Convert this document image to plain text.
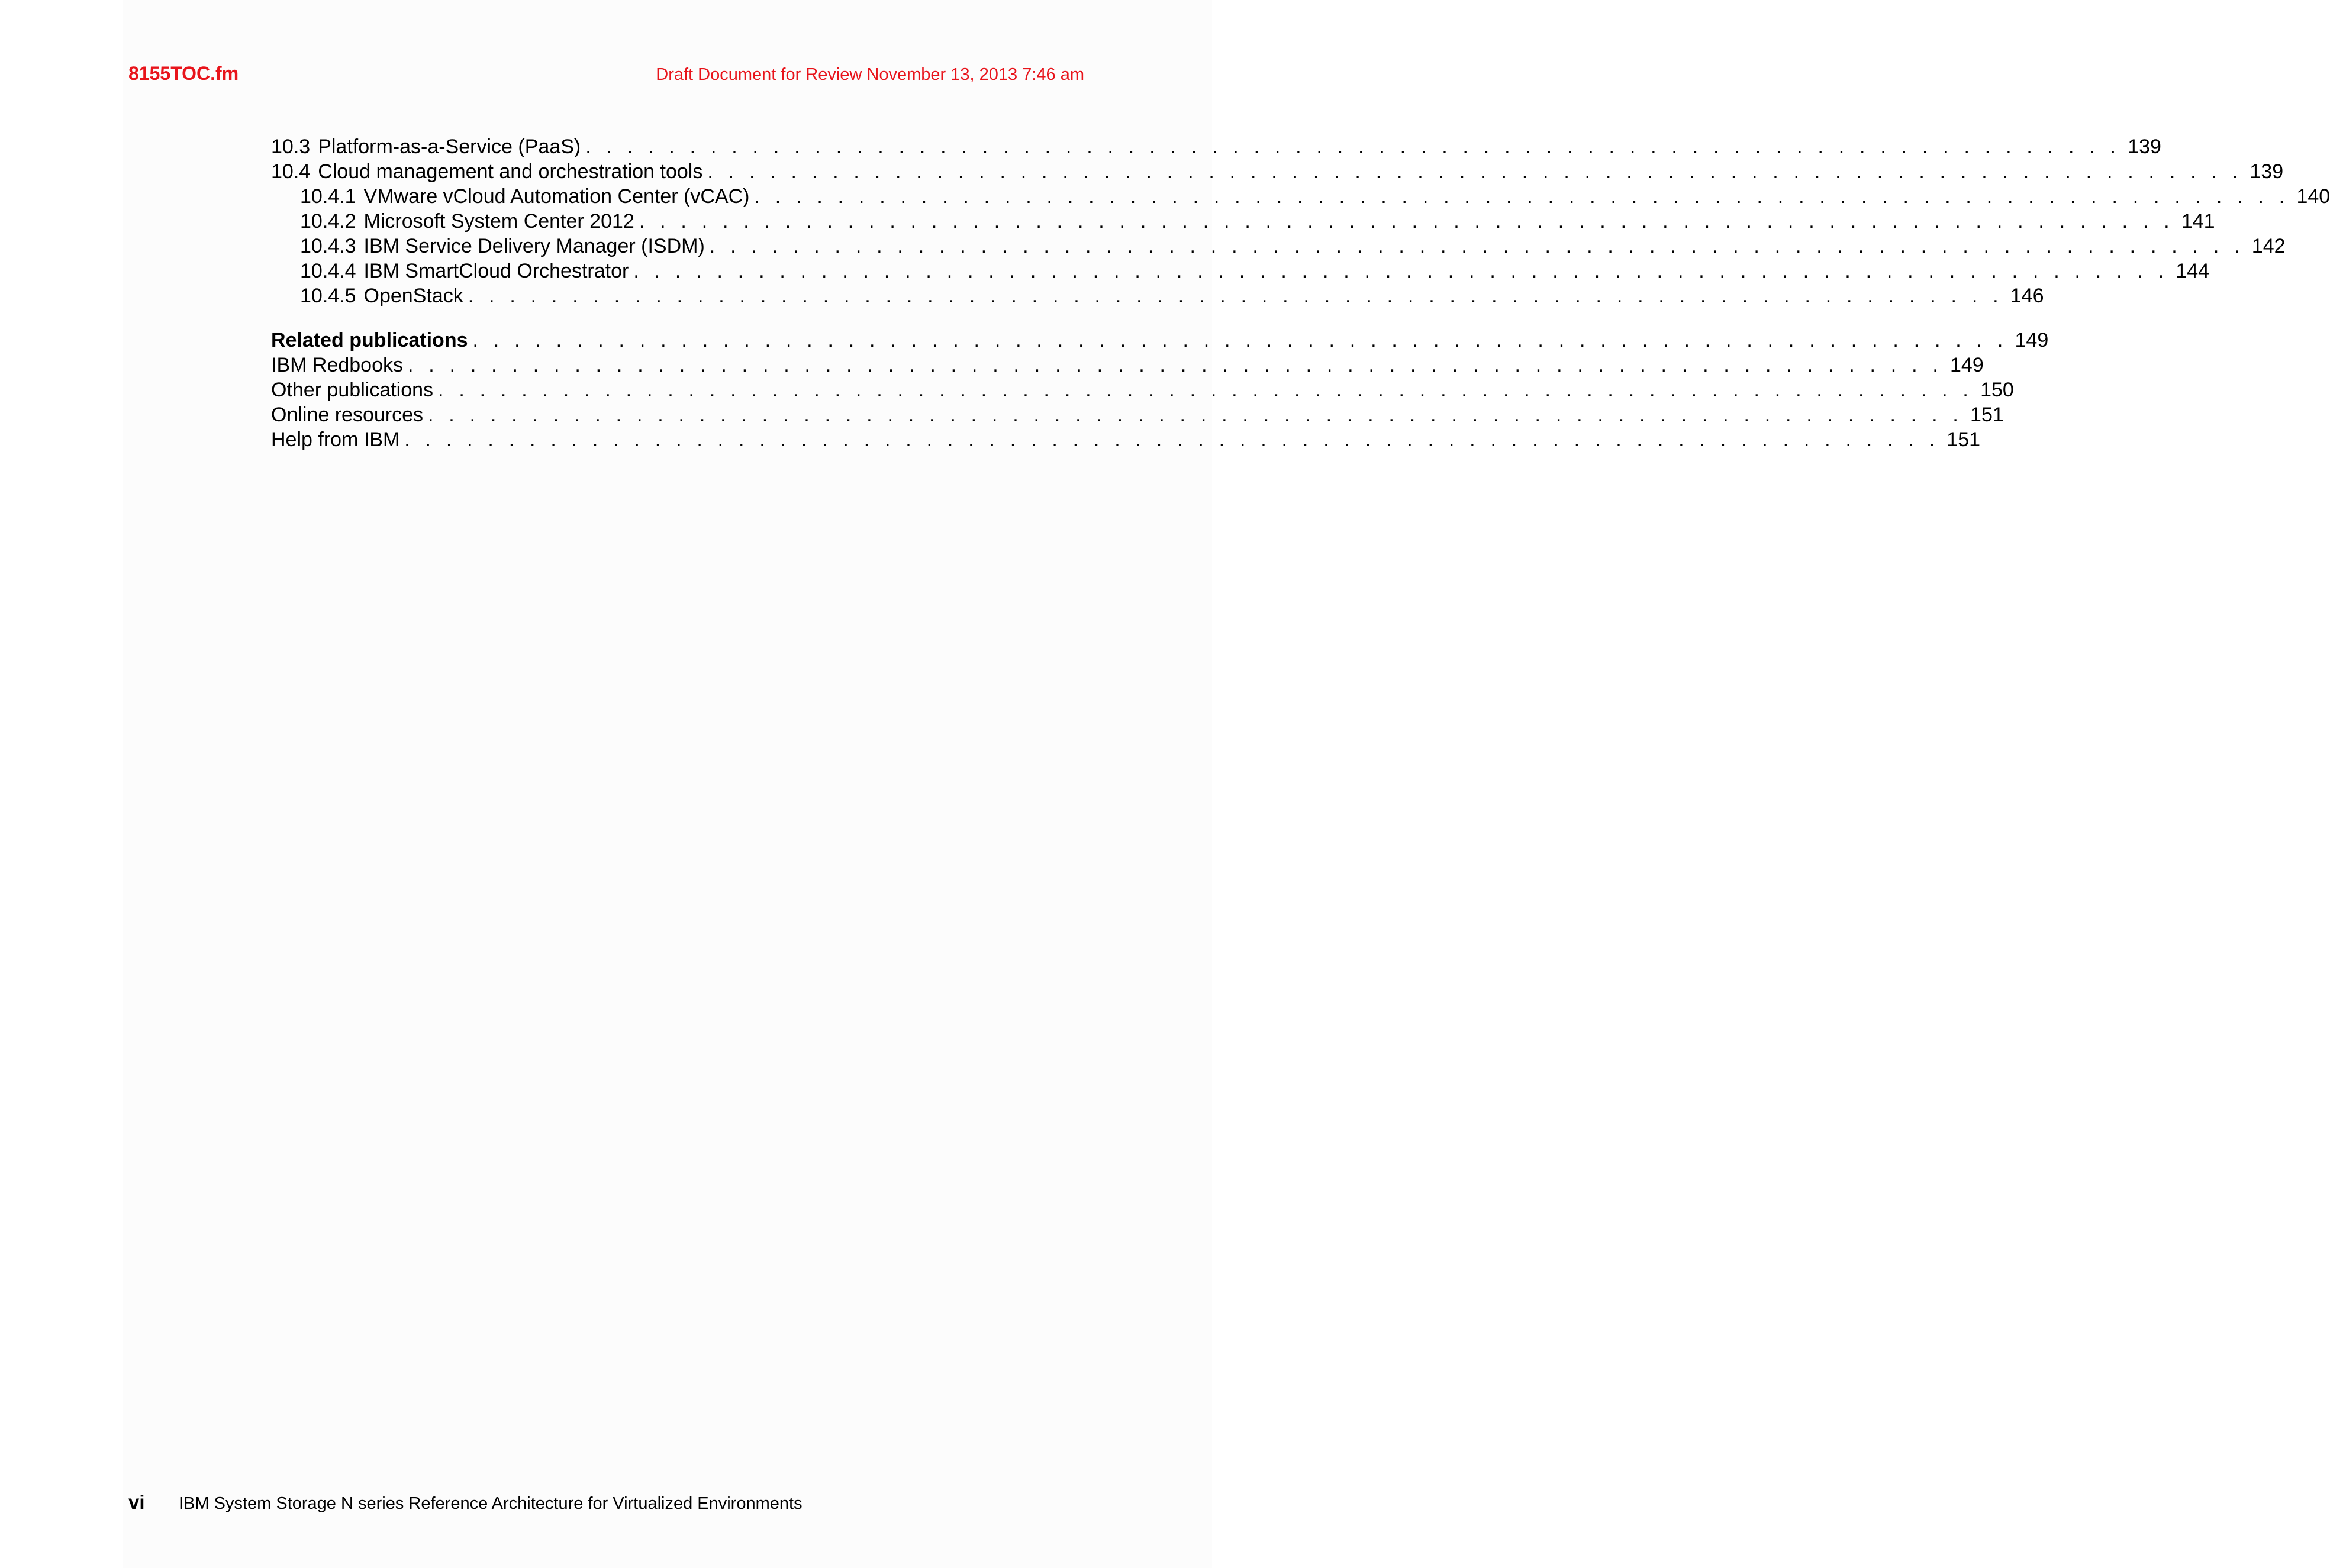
8155TOC.fm	Draft Document for Review November 13, 2013 7:46 am
10.3 Platform-as-a-Service (PaaS) . . . . . . . . . . . . . . . . . . . . . . . . . . . . . . . . . . . . . . . . . . . . . . . . . . . . . . . . . . . . . . . . . . . . . . . . . . 139
10.4 Cloud management and orchestration tools . . . . . . . . . . . . . . . . . . . . . . . . . . . . . . . . . . . . . . . . . . . . . . . . . . . . . . . . . . . . . . . . . . . . . . . . . . 139
10.4.1 VMware vCloud Automation Center (vCAC) . . . . . . . . . . . . . . . . . . . . . . . . . . . . . . . . . . . . . . . . . . . . . . . . . . . . . . . . . . . . . . . . . . . . . . . . . . 140
10.4.2 Microsoft System Center 2012 . . . . . . . . . . . . . . . . . . . . . . . . . . . . . . . . . . . . . . . . . . . . . . . . . . . . . . . . . . . . . . . . . . . . . . . . . . 141
10.4.3 IBM Service Delivery Manager (ISDM) . . . . . . . . . . . . . . . . . . . . . . . . . . . . . . . . . . . . . . . . . . . . . . . . . . . . . . . . . . . . . . . . . . . . . . . . . . 142
10.4.4 IBM SmartCloud Orchestrator . . . . . . . . . . . . . . . . . . . . . . . . . . . . . . . . . . . . . . . . . . . . . . . . . . . . . . . . . . . . . . . . . . . . . . . . . . 144
10.4.5 OpenStack . . . . . . . . . . . . . . . . . . . . . . . . . . . . . . . . . . . . . . . . . . . . . . . . . . . . . . . . . . . . . . . . . . . . . . . . . . 146
Related publications . . . . . . . . . . . . . . . . . . . . . . . . . . . . . . . . . . . . . . . . . . . . . . . . . . . . . . . . . . . . . . . . . . . . . . . . . . 149
IBM Redbooks . . . . . . . . . . . . . . . . . . . . . . . . . . . . . . . . . . . . . . . . . . . . . . . . . . . . . . . . . . . . . . . . . . . . . . . . . . 149
Other publications . . . . . . . . . . . . . . . . . . . . . . . . . . . . . . . . . . . . . . . . . . . . . . . . . . . . . . . . . . . . . . . . . . . . . . . . . . 150
Online resources . . . . . . . . . . . . . . . . . . . . . . . . . . . . . . . . . . . . . . . . . . . . . . . . . . . . . . . . . . . . . . . . . . . . . . . . . . 151
Help from IBM . . . . . . . . . . . . . . . . . . . . . . . . . . . . . . . . . . . . . . . . . . . . . . . . . . . . . . . . . . . . . . . . . . . . . . . . . . 151
vi	IBM System Storage N series Reference Architecture for Virtualized Environments
